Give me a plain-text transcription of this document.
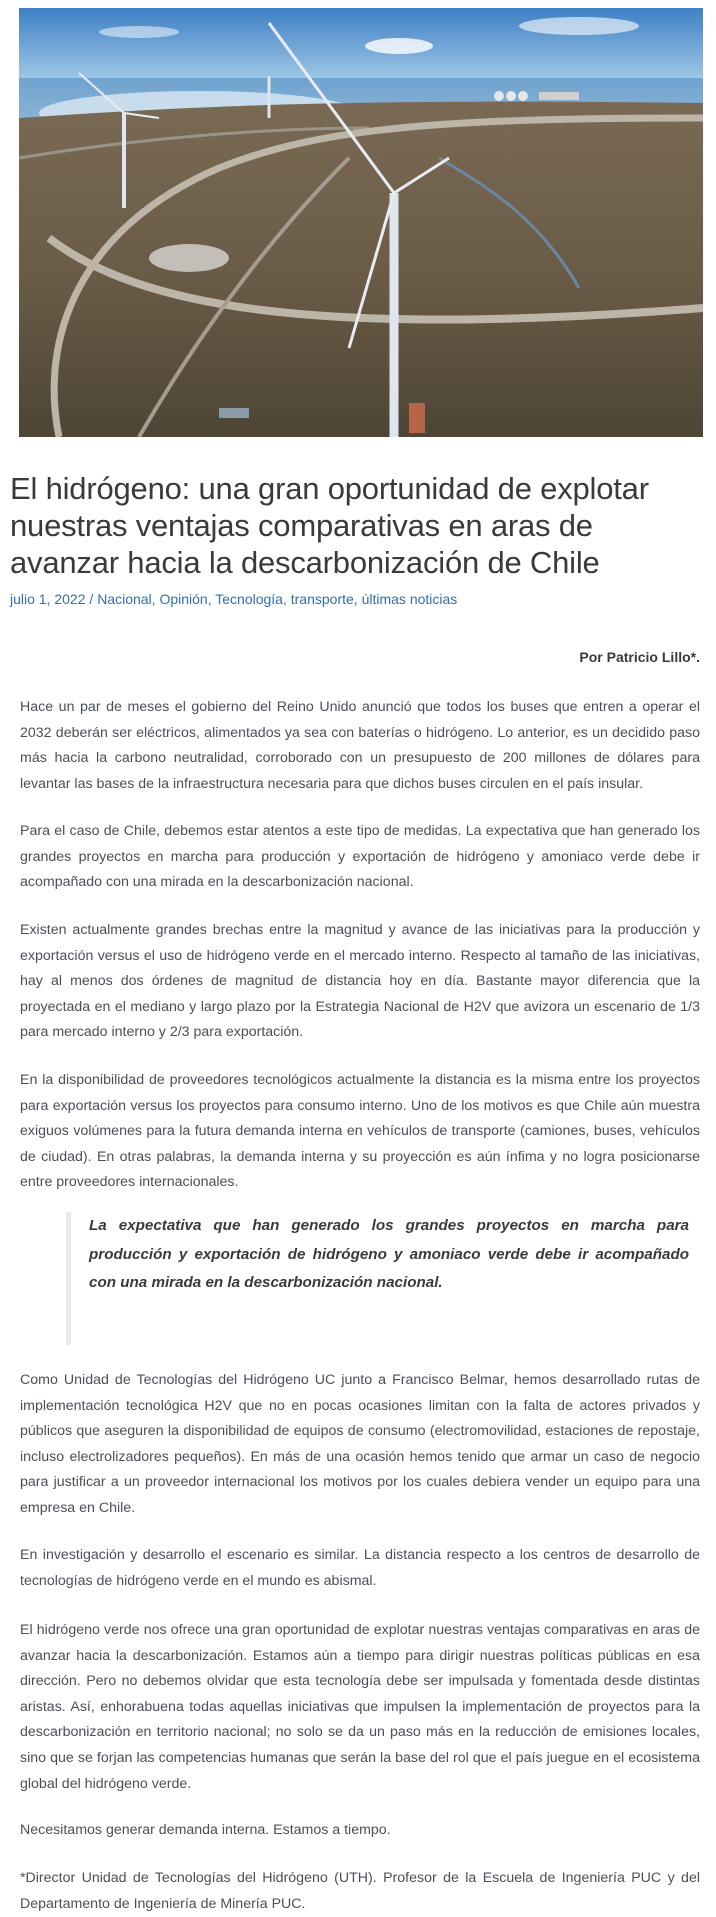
El hidrógeno: una gran oportunidad de explotar nuestras ventajas comparativas en aras de avanzar hacia la descarbonización de Chile
julio 1, 2022 / Nacional, Opinión, Tecnología, transporte, últimas noticias
Por Patricio Lillo*.

Hace un par de meses el gobierno del Reino Unido anunció que todos los buses que entren a operar el 2032 deberán ser eléctricos, alimentados ya sea con baterías o hidrógeno. Lo anterior, es un decidido paso más hacia la carbono neutralidad, corroborado con un presupuesto de 200 millones de dólares para levantar las bases de la infraestructura necesaria para que dichos buses circulen en el país insular.

Para el caso de Chile, debemos estar atentos a este tipo de medidas. La expectativa que han generado los grandes proyectos en marcha para producción y exportación de hidrógeno y amoniaco verde debe ir acompañado con una mirada en la descarbonización nacional.

Existen actualmente grandes brechas entre la magnitud y avance de las iniciativas para la producción y exportación versus el uso de hidrógeno verde en el mercado interno. Respecto al tamaño de las iniciativas, hay al menos dos órdenes de magnitud de distancia hoy en día. Bastante mayor diferencia que la proyectada en el mediano y largo plazo por la Estrategia Nacional de H2V que avizora un escenario de 1/3 para mercado interno y 2/3 para exportación.

En la disponibilidad de proveedores tecnológicos actualmente la distancia es la misma entre los proyectos para exportación versus los proyectos para consumo interno. Uno de los motivos es que Chile aún muestra exiguos volúmenes para la futura demanda interna en vehículos de transporte (camiones, buses, vehículos de ciudad). En otras palabras, la demanda interna y su proyección es aún ínfima y no logra posicionarse entre proveedores internacionales.

La expectativa que han generado los grandes proyectos en marcha para producción y exportación de hidrógeno y amoniaco verde debe ir acompañado con una mirada en la descarbonización nacional.

Como Unidad de Tecnologías del Hidrógeno UC junto a Francisco Belmar, hemos desarrollado rutas de implementación tecnológica H2V que no en pocas ocasiones limitan con la falta de actores privados y públicos que aseguren la disponibilidad de equipos de consumo (electromovilidad, estaciones de repostaje, incluso electrolizadores pequeños). En más de una ocasión hemos tenido que armar un caso de negocio para justificar a un proveedor internacional los motivos por los cuales debiera vender un equipo para una empresa en Chile.

En investigación y desarrollo el escenario es similar. La distancia respecto a los centros de desarrollo de tecnologías de hidrógeno verde en el mundo es abismal.

El hidrógeno verde nos ofrece una gran oportunidad de explotar nuestras ventajas comparativas en aras de avanzar hacia la descarbonización. Estamos aún a tiempo para dirigir nuestras políticas públicas en esa dirección. Pero no debemos olvidar que esta tecnología debe ser impulsada y fomentada desde distintas aristas. Así, enhorabuena todas aquellas iniciativas que impulsen la implementación de proyectos para la descarbonización en territorio nacional; no solo se da un paso más en la reducción de emisiones locales, sino que se forjan las competencias humanas que serán la base del rol que el país juegue en el ecosistema global del hidrógeno verde.

Necesitamos generar demanda interna. Estamos a tiempo.

*Director Unidad de Tecnologías del Hidrógeno (UTH). Profesor de la Escuela de Ingeniería PUC y del Departamento de Ingeniería de Minería PUC.
